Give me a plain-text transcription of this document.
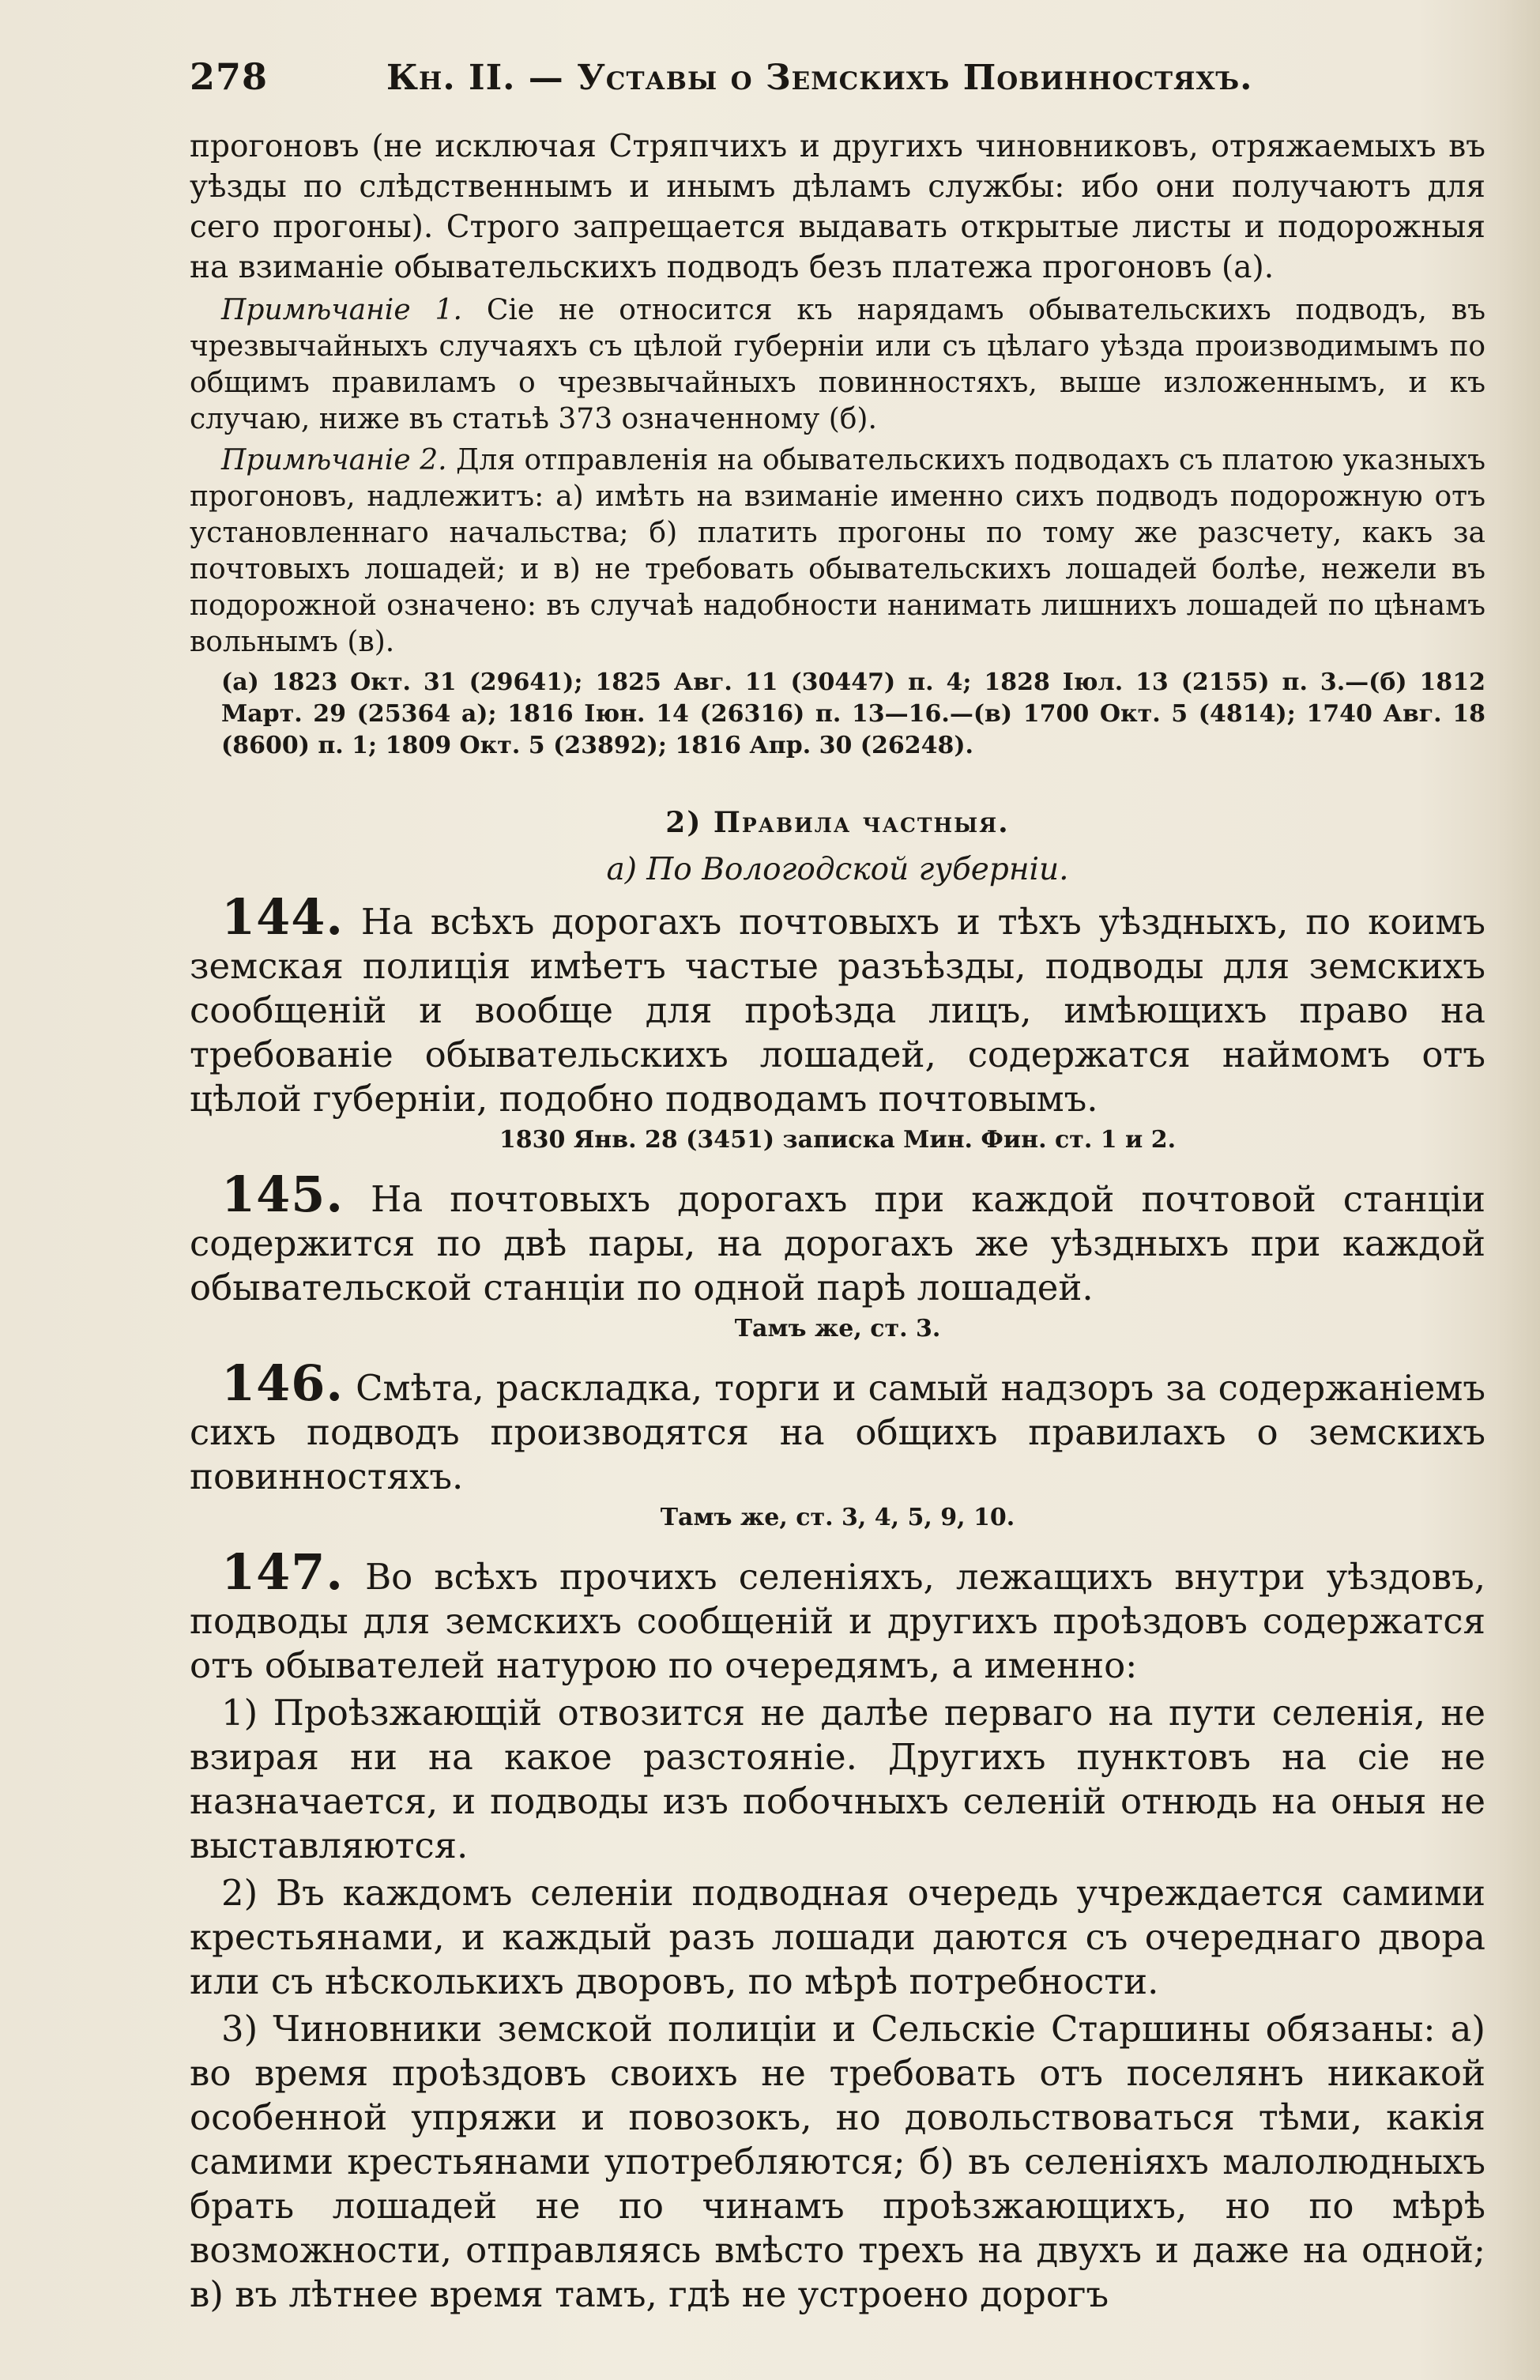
278	Кн. II. — Уставы о Земскихъ Повинностяхъ.

прогоновъ (не исключая Стряпчихъ и другихъ чиновниковъ, отряжаемыхъ въ уѣзды по слѣдственнымъ и инымъ дѣламъ службы: ибо они получаютъ для сего прогоны). Строго запрещается выдавать открытые листы и подорожныя на взиманіе обывательскихъ подводъ безъ платежа прогоновъ (а).

Примѣчаніе 1. Сіе не относится къ нарядамъ обывательскихъ подводъ, въ чрезвычайныхъ случаяхъ съ цѣлой губерніи или съ цѣлаго уѣзда производимымъ по общимъ правиламъ о чрезвычайныхъ повинностяхъ, выше изложеннымъ, и къ случаю, ниже въ статьѣ 373 означенному (б).

Примѣчаніе 2. Для отправленія на обывательскихъ подводахъ съ платою указныхъ прогоновъ, надлежитъ: а) имѣть на взиманіе именно сихъ подводъ подорожную отъ установленнаго начальства; б) платить прогоны по тому же разсчету, какъ за почтовыхъ лошадей; и в) не требовать обывательскихъ лошадей болѣе, нежели въ подорожной означено: въ случаѣ надобности нанимать лишнихъ лошадей по цѣнамъ вольнымъ (в).

(а) 1823 Окт. 31 (29641); 1825 Авг. 11 (30447) п. 4; 1828 Іюл. 13 (2155) п. 3.—(б) 1812 Март. 29 (25364 а); 1816 Іюн. 14 (26316) п. 13—16.—(в) 1700 Окт. 5 (4814); 1740 Авг. 18 (8600) п. 1; 1809 Окт. 5 (23892); 1816 Апр. 30 (26248).

2) Правила частныя.
а) По Вологодской губерніи.

144. На всѣхъ дорогахъ почтовыхъ и тѣхъ уѣздныхъ, по коимъ земская полиція имѣетъ частые разъѣзды, подводы для земскихъ сообщеній и вообще для проѣзда лицъ, имѣющихъ право на требованіе обывательскихъ лошадей, содержатся наймомъ отъ цѣлой губерніи, подобно подводамъ почтовымъ.

1830 Янв. 28 (3451) записка Мин. Фин. ст. 1 и 2.

145. На почтовыхъ дорогахъ при каждой почтовой станціи содержится по двѣ пары, на дорогахъ же уѣздныхъ при каждой обывательской станціи по одной парѣ лошадей.

Тамъ же, ст. 3.

146. Смѣта, раскладка, торги и самый надзоръ за содержаніемъ сихъ подводъ производятся на общихъ правилахъ о земскихъ повинностяхъ.

Тамъ же, ст. 3, 4, 5, 9, 10.

147. Во всѣхъ прочихъ селеніяхъ, лежащихъ внутри уѣздовъ, подводы для земскихъ сообщеній и другихъ проѣздовъ содержатся отъ обывателей натурою по очередямъ, а именно:

1) Проѣзжающій отвозится не далѣе перваго на пути селенія, не взирая ни на какое разстояніе. Другихъ пунктовъ на сіе не назначается, и подводы изъ побочныхъ селеній отнюдь на оныя не выставляются.

2) Въ каждомъ селеніи подводная очередь учреждается самими крестьянами, и каждый разъ лошади даются съ очереднаго двора или съ нѣсколькихъ дворовъ, по мѣрѣ потребности.

3) Чиновники земской полиціи и Сельскіе Старшины обязаны: а) во время проѣздовъ своихъ не требовать отъ поселянъ никакой особенной упряжи и повозокъ, но довольствоваться тѣми, какія самими крестьянами употребляются; б) въ селеніяхъ малолюдныхъ брать лошадей не по чинамъ проѣзжающихъ, но по мѣрѣ возможности, отправляясь вмѣсто трехъ на двухъ и даже на одной; в) въ лѣтнее время тамъ, гдѣ не устроено дорогъ
